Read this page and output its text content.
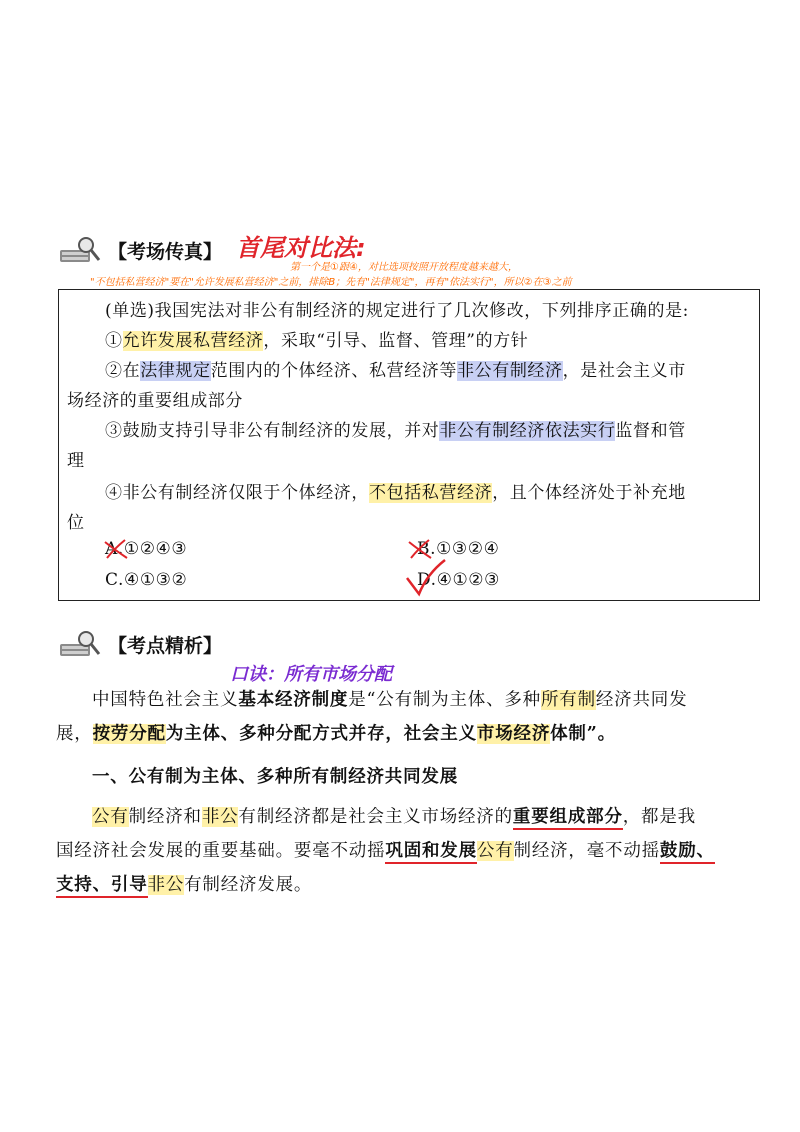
【考场传真】 首尾对比法:
第一个是①跟④，对比选项按照开放程度越来越大，
"不包括私营经济"要在"允许发展私营经济"之前，排除B；先有"法律规定"，再有"依法实行"，所以②在③之前
(单选)我国宪法对非公有制经济的规定进行了几次修改，下列排序正确的是:
①允许发展私营经济，采取“引导、监督、管理”的方针
②在法律规定范围内的个体经济、私营经济等非公有制经济，是社会主义市
场经济的重要组成部分
③鼓励支持引导非公有制经济的发展，并对非公有制经济依法实行监督和管
理
④非公有制经济仅限于个体经济，不包括私营经济，且个体经济处于补充地
位
A.①②④③	B.①③②④
C.④①③②	D.④①②③
【考点精析】
口诀：所有市场分配
中国特色社会主义基本经济制度是“公有制为主体、多种所有制经济共同发
展，按劳分配为主体、多种分配方式并存，社会主义市场经济体制”。
一、公有制为主体、多种所有制经济共同发展
公有制经济和非公有制经济都是社会主义市场经济的重要组成部分，都是我
国经济社会发展的重要基础。要毫不动摇巩固和发展公有制经济，毫不动摇鼓励、
支持、引导非公有制经济发展。
